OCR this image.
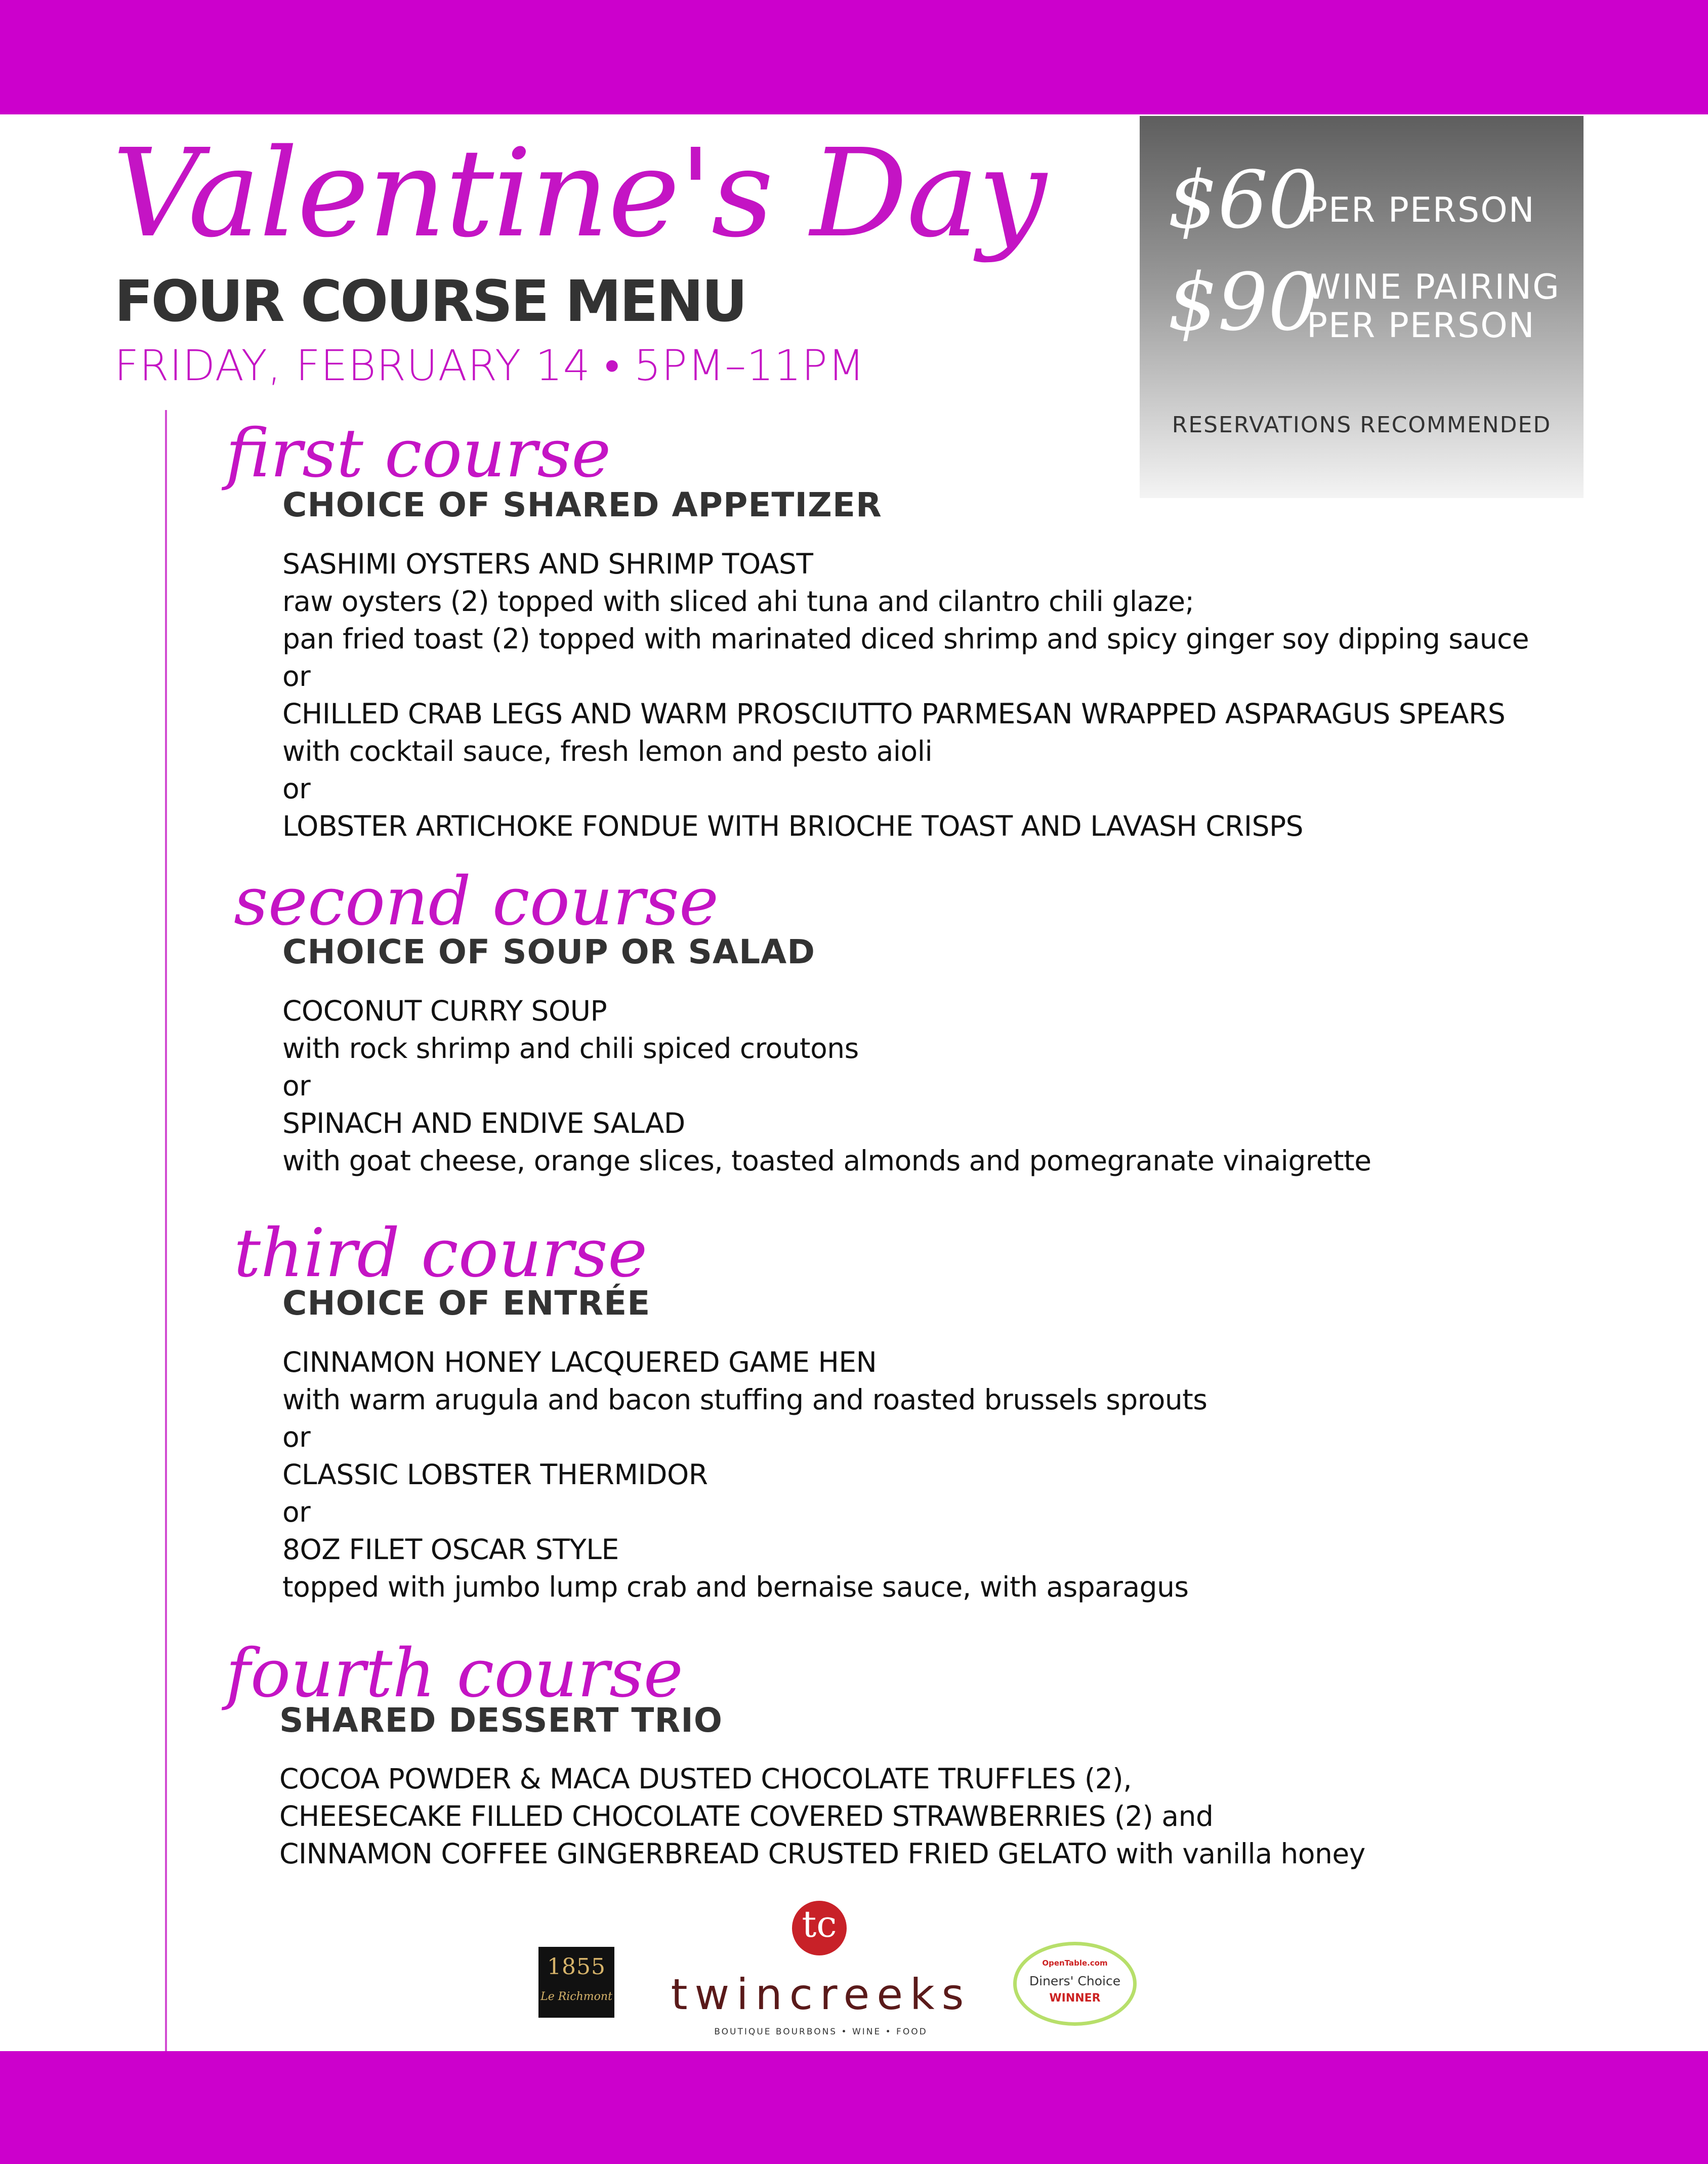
Valentine's Day
FOUR COURSE MENU
FRIDAY, FEBRUARY 14 • 5PM–11PM
$60
PER PERSON
$90
WINE PAIRING
PER PERSON
RESERVATIONS RECOMMENDED
first course
CHOICE OF SHARED APPETIZER
SASHIMI OYSTERS AND SHRIMP TOAST
raw oysters (2) topped with sliced ahi tuna and cilantro chili glaze;
pan fried toast (2) topped with marinated diced shrimp and spicy ginger soy dipping sauce
or
CHILLED CRAB LEGS AND WARM PROSCIUTTO PARMESAN WRAPPED ASPARAGUS SPEARS
with cocktail sauce, fresh lemon and pesto aioli
or
LOBSTER ARTICHOKE FONDUE WITH BRIOCHE TOAST AND LAVASH CRISPS
second course
CHOICE OF SOUP OR SALAD
COCONUT CURRY SOUP
with rock shrimp and chili spiced croutons
or
SPINACH AND ENDIVE SALAD
with goat cheese, orange slices, toasted almonds and pomegranate vinaigrette
third course
CHOICE OF ENTRÉE
CINNAMON HONEY LACQUERED GAME HEN
with warm arugula and bacon stuffing and roasted brussels sprouts
or
CLASSIC LOBSTER THERMIDOR
or
8OZ FILET OSCAR STYLE
topped with jumbo lump crab and bernaise sauce, with asparagus
fourth course
SHARED DESSERT TRIO
COCOA POWDER & MACA DUSTED CHOCOLATE TRUFFLES (2),
CHEESECAKE FILLED CHOCOLATE COVERED STRAWBERRIES (2) and
CINNAMON COFFEE GINGERBREAD CRUSTED FRIED GELATO with vanilla honey
1855
Le Richmont
tc
twincreeks
BOUTIQUE BOURBONS • WINE • FOOD
OpenTable.com
Diners' Choice
WINNER
